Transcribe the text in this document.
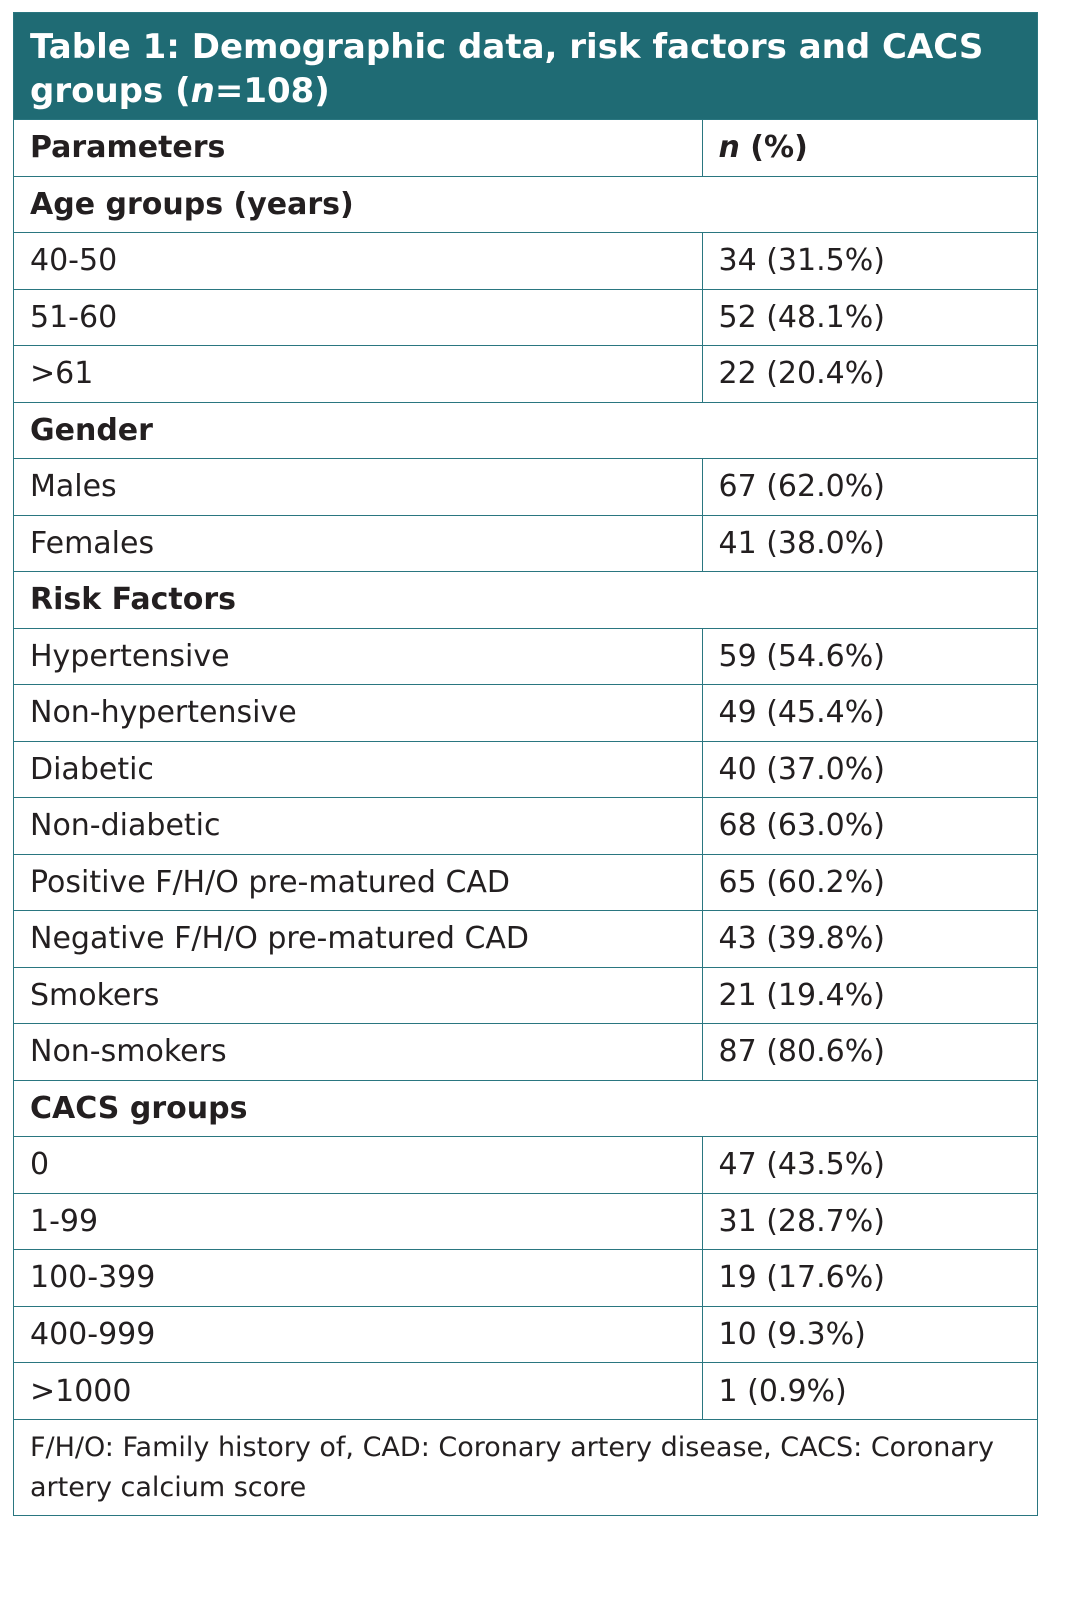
Table 1: Demographic data, risk factors and CACS groups (n=108)
Parameters	n (%)
Age groups (years)	
40-50	34 (31.5%)
51-60	52 (48.1%)
>61	22 (20.4%)
Gender	
Males	67 (62.0%)
Females	41 (38.0%)
Risk Factors	
Hypertensive	59 (54.6%)
Non-hypertensive	49 (45.4%)
Diabetic	40 (37.0%)
Non-diabetic	68 (63.0%)
Positive F/H/O pre-matured CAD	65 (60.2%)
Negative F/H/O pre-matured CAD	43 (39.8%)
Smokers	21 (19.4%)
Non-smokers	87 (80.6%)
CACS groups	
0	47 (43.5%)
1-99	31 (28.7%)
100-399	19 (17.6%)
400-999	10 (9.3%)
>1000	1 (0.9%)
F/H/O: Family history of, CAD: Coronary artery disease, CACS: Coronary artery calcium score
